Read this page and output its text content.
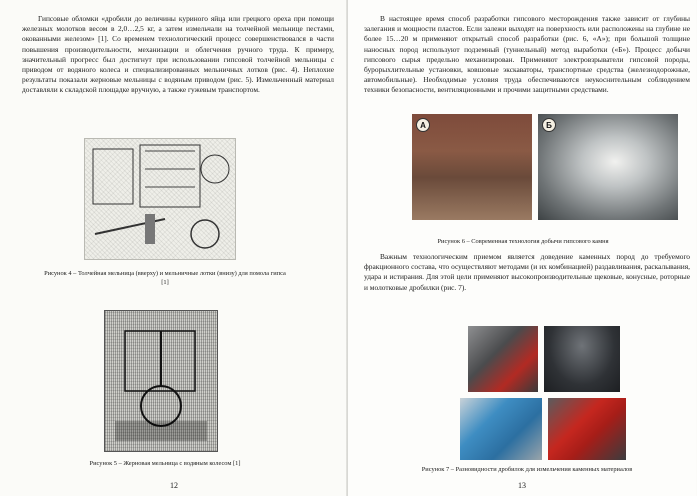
Гипсовые обломки «дробили до величины куриного яйца или грецкого ореха при помощи железных молотков весом в 2,0…2,5 кг, а затем измельчали на толчейной мельнице пестами, окованными железом» [1]. Со временем технологический процесс совершенствовался в части повышения производительности, механизации и облегчения ручного труда. К примеру, значительный прогресс был достигнут при использовании гипсовой толчейной мельницы с приводом от водяного колеса и специализированных мельничных лотков (рис. 4). Неплохие результаты показали жерновые мельницы с водяным приводом (рис. 5). Измельченный материал доставляли к складской площадке вручную, а также гужевым транспортом.

Рисунок 4 – Толчейная мельница (вверху) и мельничные лотки (внизу) для помола гипса [1]

Рисунок 5 – Жерновая мельница с водяным колесом [1]

12

В настоящее время способ разработки гипсового месторождения также зависит от глубины залегания и мощности пластов. Если залежи выходят на поверхность или расположены на глубине не более 15…20 м применяют открытый способ разработки (рис. 6, «А»); при большой толщине наносных пород используют подземный (туннельный) метод выработки («Б»). Процесс добычи гипсового сырья предельно механизирован. Применяют электровзрыватели гипсовой породы, бурорыхлительные установки, ковшовые экскаваторы, транспортные средства (железнодорожные, автомобильные). Необходимые условия труда обеспечиваются неукоснительным соблюдением техники безопасности, вентиляционными и прочими защитными средствами.

А	Б

Рисунок 6 – Современная технология добычи гипсового камня

Важным технологическим приемом является доведение каменных пород до требуемого фракционного состава, что осуществляют методами (и их комбинацией) раздавливания, раскалывания, удара и истирания. Для этой цели применяют высокопроизводительные щековые, конусные, роторные и молотковые дробилки (рис. 7).

Рисунок 7 – Разновидности дробилок для измельчения каменных материалов

13
